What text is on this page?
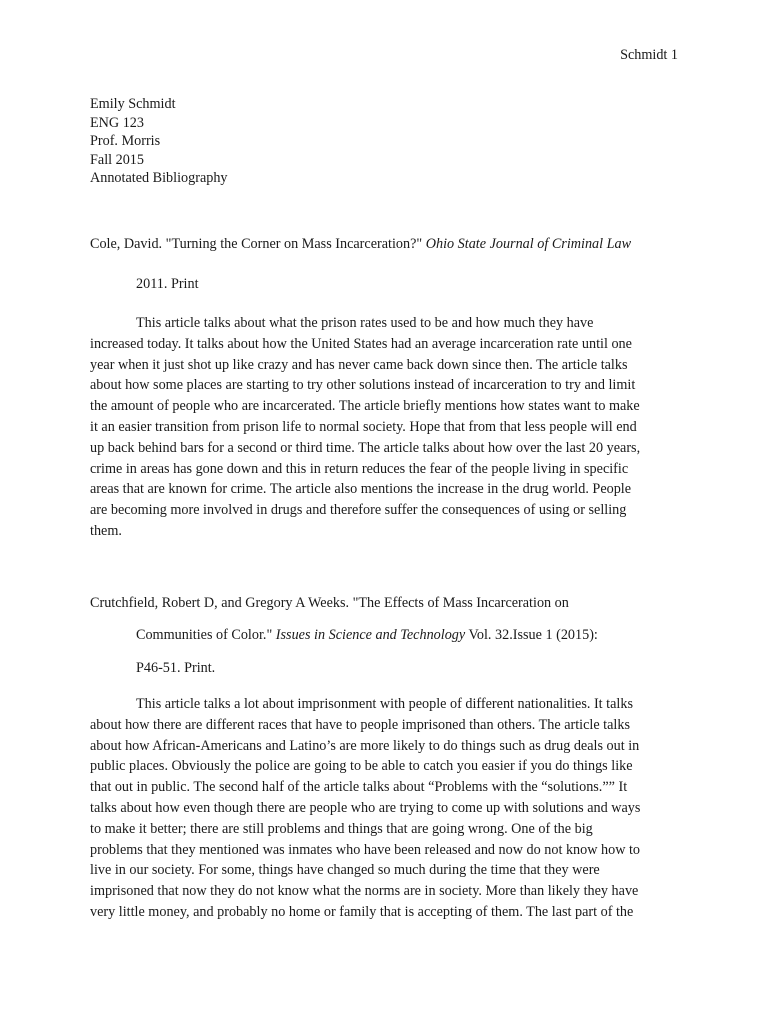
Schmidt 1
Emily Schmidt
ENG 123
Prof. Morris
Fall 2015
Annotated Bibliography
Cole, David. "Turning the Corner on Mass Incarceration?" Ohio State Journal of Criminal Law
2011. Print
This article talks about what the prison rates used to be and how much they have
increased today. It talks about how the United States had an average incarceration rate until one
year when it just shot up like crazy and has never came back down since then. The article talks
about how some places are starting to try other solutions instead of incarceration to try and limit
the amount of people who are incarcerated. The article briefly mentions how states want to make
it an easier transition from prison life to normal society. Hope that from that less people will end
up back behind bars for a second or third time. The article talks about how over the last 20 years,
crime in areas has gone down and this in return reduces the fear of the people living in specific
areas that are known for crime. The article also mentions the increase in the drug world. People
are becoming more involved in drugs and therefore suffer the consequences of using or selling
them.
Crutchfield, Robert D, and Gregory A Weeks. "The Effects of Mass Incarceration on
Communities of Color." Issues in Science and Technology Vol. 32.Issue 1 (2015):
P46-51. Print.
This article talks a lot about imprisonment with people of different nationalities. It talks
about how there are different races that have to people imprisoned than others. The article talks
about how African-Americans and Latino’s are more likely to do things such as drug deals out in
public places. Obviously the police are going to be able to catch you easier if you do things like
that out in public. The second half of the article talks about “Problems with the “solutions.”” It
talks about how even though there are people who are trying to come up with solutions and ways
to make it better; there are still problems and things that are going wrong. One of the big
problems that they mentioned was inmates who have been released and now do not know how to
live in our society. For some, things have changed so much during the time that they were
imprisoned that now they do not know what the norms are in society. More than likely they have
very little money, and probably no home or family that is accepting of them. The last part of the
